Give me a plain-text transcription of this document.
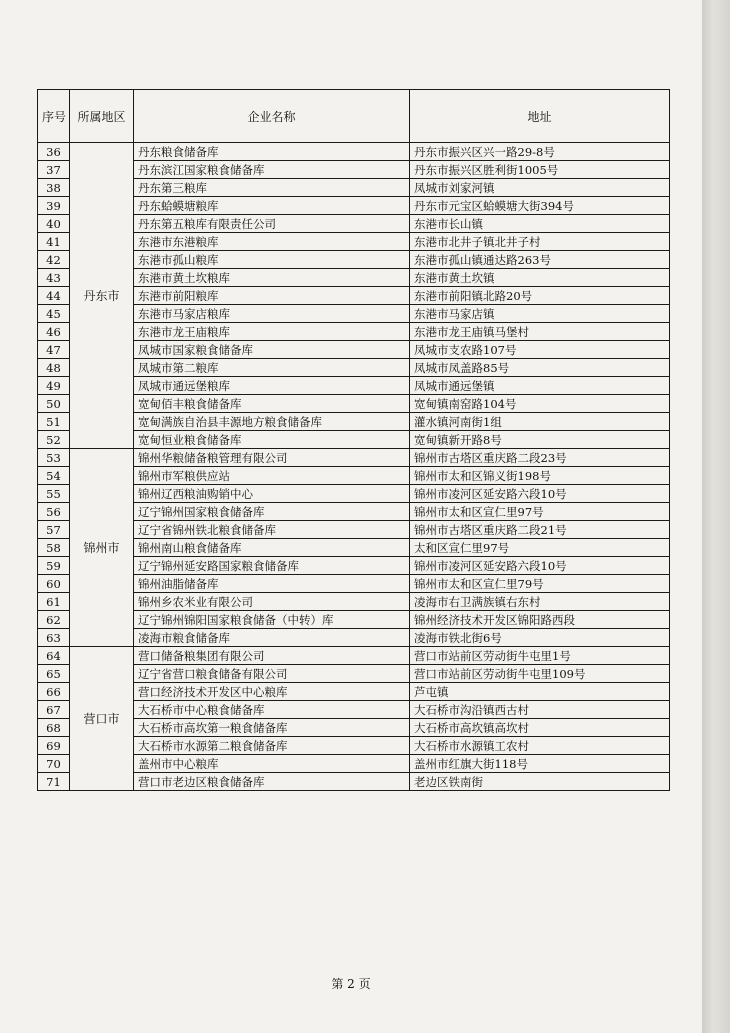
序号	所属地区	企业名称	地址
36	丹东市	丹东粮食储备库	丹东市振兴区兴一路29-8号
37		丹东滨江国家粮食储备库	丹东市振兴区胜利街1005号
38		丹东第三粮库	凤城市刘家河镇
39		丹东蛤蟆塘粮库	丹东市元宝区蛤蟆塘大街394号
40		丹东第五粮库有限责任公司	东港市长山镇
41		东港市东港粮库	东港市北井子镇北井子村
42		东港市孤山粮库	东港市孤山镇通达路263号
43		东港市黄土坎粮库	东港市黄土坎镇
44		东港市前阳粮库	东港市前阳镇北路20号
45		东港市马家店粮库	东港市马家店镇
46		东港市龙王庙粮库	东港市龙王庙镇马堡村
47		凤城市国家粮食储备库	凤城市支农路107号
48		凤城市第二粮库	凤城市凤盖路85号
49		凤城市通远堡粮库	凤城市通远堡镇
50		宽甸佰丰粮食储备库	宽甸镇南窑路104号
51		宽甸满族自治县丰源地方粮食储备库	灌水镇河南街1组
52		宽甸恒业粮食储备库	宽甸镇新开路8号
53	锦州市	锦州华粮储备粮管理有限公司	锦州市古塔区重庆路二段23号
54		锦州市军粮供应站	锦州市太和区锦义街198号
55		锦州辽西粮油购销中心	锦州市凌河区延安路六段10号
56		辽宁锦州国家粮食储备库	锦州市太和区宣仁里97号
57		辽宁省锦州铁北粮食储备库	锦州市古塔区重庆路二段21号
58		锦州南山粮食储备库	太和区宣仁里97号
59		辽宁锦州延安路国家粮食储备库	锦州市凌河区延安路六段10号
60		锦州油脂储备库	锦州市太和区宣仁里79号
61		锦州乡农米业有限公司	凌海市右卫满族镇右东村
62		辽宁锦州锦阳国家粮食储备（中转）库	锦州经济技术开发区锦阳路西段
63		凌海市粮食储备库	凌海市铁北街6号
64	营口市	营口储备粮集团有限公司	营口市站前区劳动街牛屯里1号
65		辽宁省营口粮食储备有限公司	营口市站前区劳动街牛屯里109号
66		营口经济技术开发区中心粮库	芦屯镇
67		大石桥市中心粮食储备库	大石桥市沟沿镇西古村
68		大石桥市高坎第一粮食储备库	大石桥市高坎镇高坎村
69		大石桥市水源第二粮食储备库	大石桥市水源镇工农村
70		盖州市中心粮库	盖州市红旗大街118号
71		营口市老边区粮食储备库	老边区铁南街
第 2 页
